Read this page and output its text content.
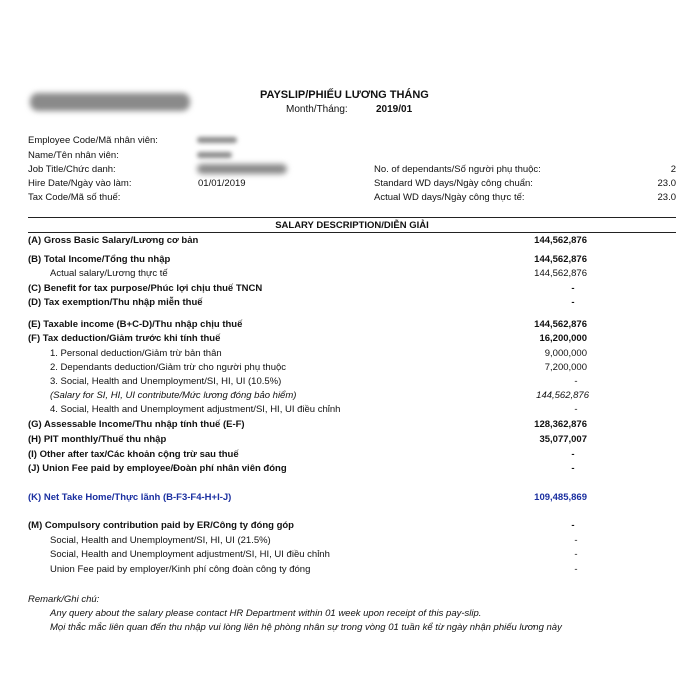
PAYSLIP/PHIẾU LƯƠNG THÁNG
Month/Tháng:	2019/01
Employee Code/Mã nhân viên:
Name/Tên nhân viên:
Job Title/Chức danh:
Hire Date/Ngày vào làm:	01/01/2019
Tax Code/Mã số thuế:
No. of dependants/Số người phụ thuộc:	2
Standard WD days/Ngày công chuẩn:	23.0
Actual WD days/Ngày công thực tế:	23.0
SALARY DESCRIPTION/DIỄN GIẢI
(A) Gross Basic Salary/Lương cơ bản	144,562,876
(B) Total Income/Tổng thu nhập	144,562,876
Actual salary/Lương thực tế	144,562,876
(C) Benefit for tax purpose/Phúc lợi chịu thuế TNCN	-
(D) Tax exemption/Thu nhập miễn thuế	-
(E) Taxable income (B+C-D)/Thu nhập chịu thuế	144,562,876
(F) Tax deduction/Giảm trước khi tính thuế	16,200,000
1. Personal deduction/Giảm trừ bản thân	9,000,000
2. Dependants deduction/Giảm trừ cho người phụ thuộc	7,200,000
3. Social, Health and Unemployment/SI, HI, UI (10.5%)	-
(Salary for SI, HI, UI contribute/Mức lương đóng bảo hiểm)	144,562,876
4. Social, Health and Unemployment adjustment/SI, HI, UI điều chỉnh	-
(G) Assessable Income/Thu nhập tính thuế (E-F)	128,362,876
(H) PIT monthly/Thuế thu nhập	35,077,007
(I) Other after tax/Các khoản cộng trừ sau thuế	-
(J) Union Fee paid by employee/Đoàn phí nhân viên đóng	-
(K) Net Take Home/Thực lãnh (B-F3-F4-H+I-J)	109,485,869
(M) Compulsory contribution paid by ER/Công ty đóng góp	-
Social, Health and Unemployment/SI, HI, UI (21.5%)	-
Social, Health and Unemployment adjustment/SI, HI, UI điều chỉnh	-
Union Fee paid by employer/Kinh phí công đoàn công ty đóng	-
Remark/Ghi chú:
Any query about the salary please contact HR Department within 01 week upon receipt of this pay-slip.
Mọi thắc mắc liên quan đến thu nhập vui lòng liên hệ phòng nhân sự trong vòng 01 tuần kể từ ngày nhận phiếu lương này
